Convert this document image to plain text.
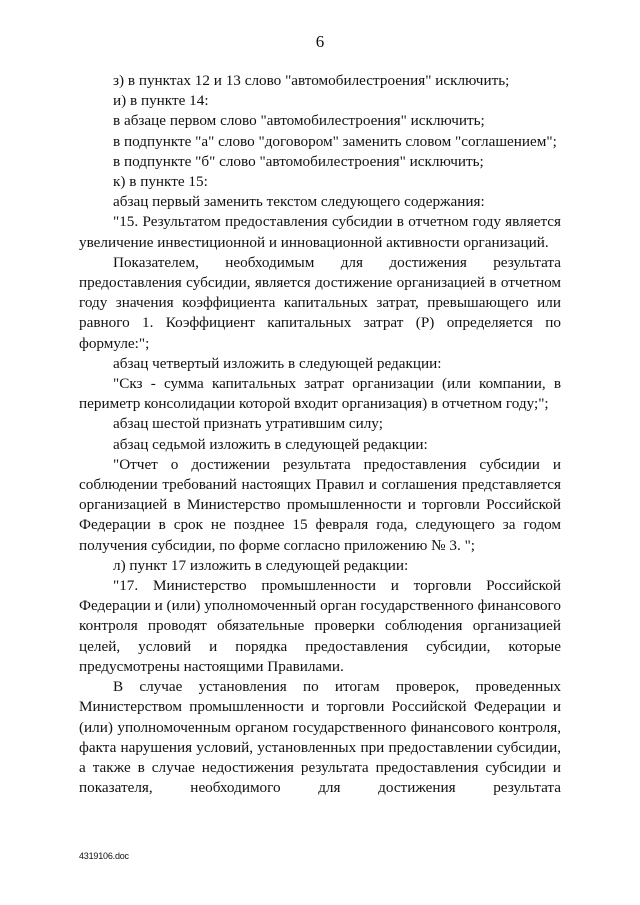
6

з) в пунктах 12 и 13 слово "автомобилестроения" исключить;

и) в пункте 14:

в абзаце первом слово "автомобилестроения" исключить;

в подпункте "а" слово "договором" заменить словом "соглашением";

в подпункте "б" слово "автомобилестроения" исключить;

к) в пункте 15:

абзац первый заменить текстом следующего содержания:

"15. Результатом предоставления субсидии в отчетном году является увеличение инвестиционной и инновационной активности организаций.

Показателем, необходимым для достижения результата предоставления субсидии, является достижение организацией в отчетном году значения коэффициента капитальных затрат, превышающего или равного 1. Коэффициент капитальных затрат (P) определяется по формуле:";

абзац четвертый изложить в следующей редакции:

"Скз - сумма капитальных затрат организации (или компании, в периметр консолидации которой входит организация) в отчетном году;";

абзац шестой признать утратившим силу;

абзац седьмой изложить в следующей редакции:

"Отчет о достижении результата предоставления субсидии и соблюдении требований настоящих Правил и соглашения представляется организацией в Министерство промышленности и торговли Российской Федерации в срок не позднее 15 февраля года, следующего за годом получения субсидии, по форме согласно приложению № 3. ";

л) пункт 17 изложить в следующей редакции:

"17. Министерство промышленности и торговли Российской Федерации и (или) уполномоченный орган государственного финансового контроля проводят обязательные проверки соблюдения организацией целей, условий и порядка предоставления субсидии, которые предусмотрены настоящими Правилами.

В случае установления по итогам проверок, проведенных Министерством промышленности и торговли Российской Федерации и (или) уполномоченным органом государственного финансового контроля, факта нарушения условий, установленных при предоставлении субсидии, а также в случае недостижения результата предоставления субсидии и показателя, необходимого для достижения результата

4319106.doc
